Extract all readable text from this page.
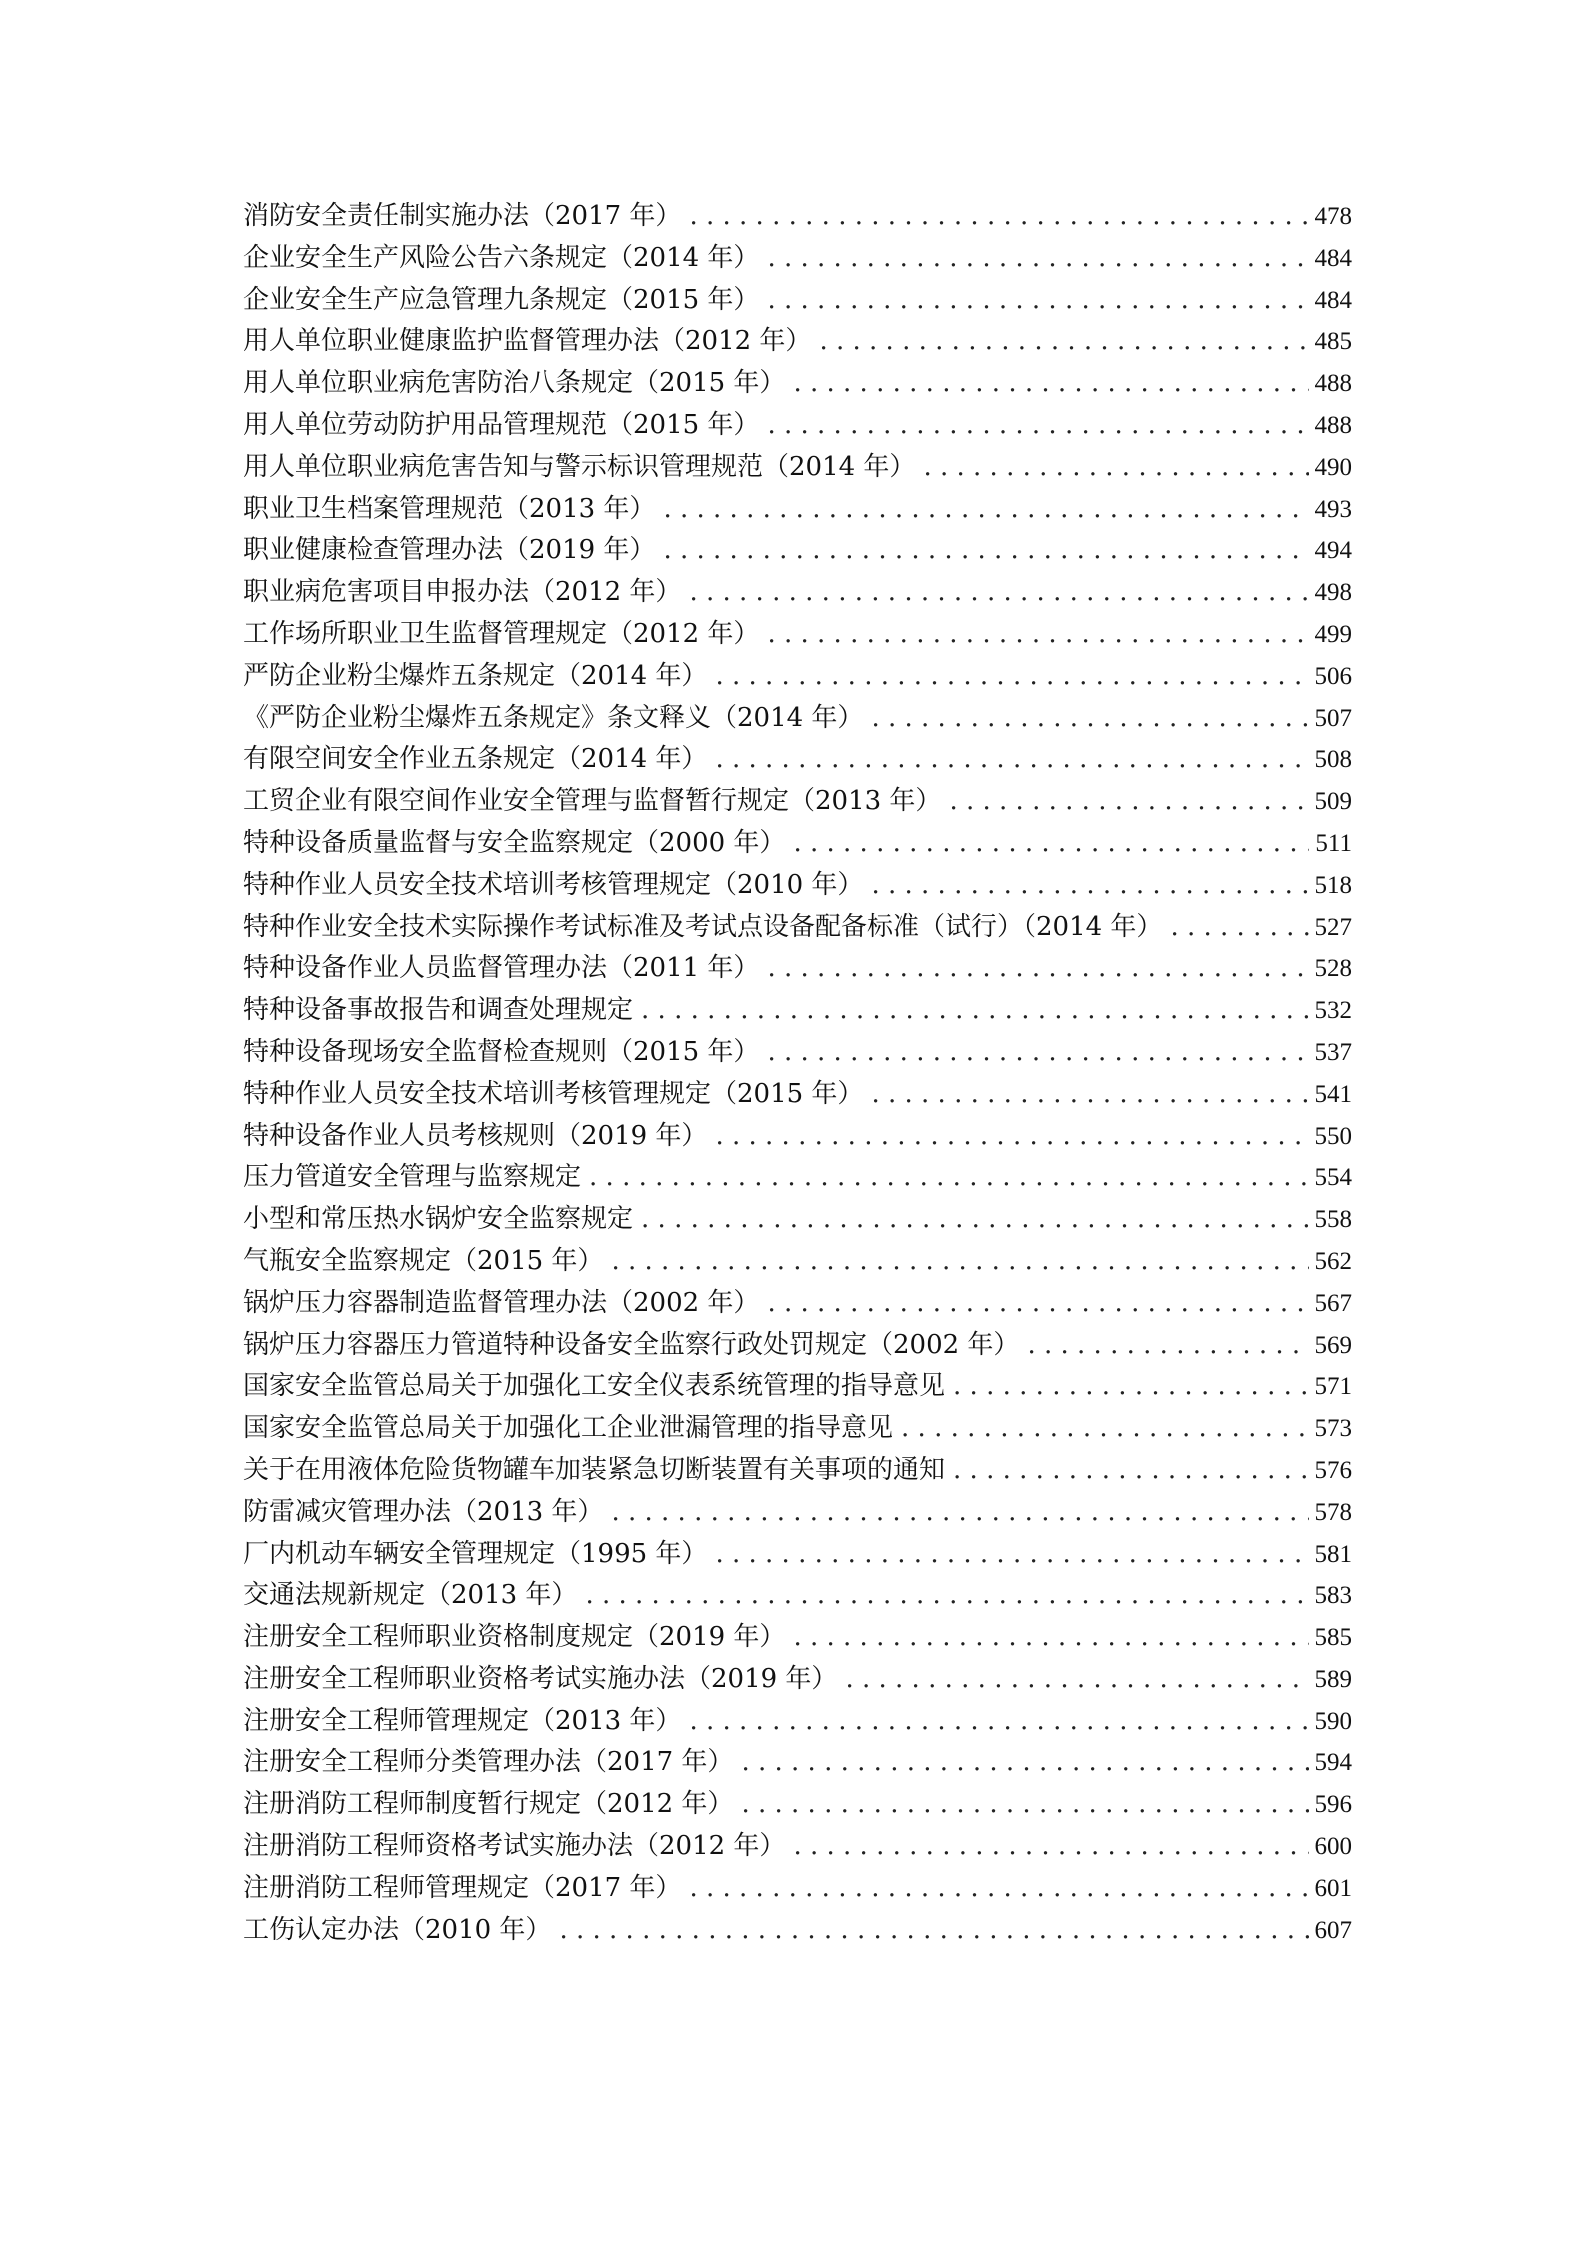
消防安全责任制实施办法（2017 年） . . .	478
企业安全生产风险公告六条规定（2014 年） . . .	484
企业安全生产应急管理九条规定（2015 年） . . .	484
用人单位职业健康监护监督管理办法（2012 年） . . .	485
用人单位职业病危害防治八条规定（2015 年） . . .	488
用人单位劳动防护用品管理规范（2015 年） . . .	488
用人单位职业病危害告知与警示标识管理规范（2014 年） . . .	490
职业卫生档案管理规范（2013 年） . . .	493
职业健康检查管理办法（2019 年） . . .	494
职业病危害项目申报办法（2012 年） . . .	498
工作场所职业卫生监督管理规定（2012 年） . . .	499
严防企业粉尘爆炸五条规定（2014 年） . . .	506
《严防企业粉尘爆炸五条规定》条文释义（2014 年） . . .	507
有限空间安全作业五条规定（2014 年） . . .	508
工贸企业有限空间作业安全管理与监督暂行规定（2013 年） . . .	509
特种设备质量监督与安全监察规定（2000 年） . . .	511
特种作业人员安全技术培训考核管理规定（2010 年） . . .	518
特种作业安全技术实际操作考试标准及考试点设备配备标准（试行）（2014 年） . . .	527
特种设备作业人员监督管理办法（2011 年） . . .	528
特种设备事故报告和调查处理规定 . . .	532
特种设备现场安全监督检查规则（2015 年） . . .	537
特种作业人员安全技术培训考核管理规定（2015 年） . . .	541
特种设备作业人员考核规则（2019 年） . . .	550
压力管道安全管理与监察规定 . . .	554
小型和常压热水锅炉安全监察规定 . . .	558
气瓶安全监察规定（2015 年） . . .	562
锅炉压力容器制造监督管理办法（2002 年） . . .	567
锅炉压力容器压力管道特种设备安全监察行政处罚规定（2002 年） . . .	569
国家安全监管总局关于加强化工安全仪表系统管理的指导意见 . . .	571
国家安全监管总局关于加强化工企业泄漏管理的指导意见 . . .	573
关于在用液体危险货物罐车加装紧急切断装置有关事项的通知 . . .	576
防雷减灾管理办法（2013 年） . . .	578
厂内机动车辆安全管理规定（1995 年） . . .	581
交通法规新规定（2013 年） . . .	583
注册安全工程师职业资格制度规定（2019 年） . . .	585
注册安全工程师职业资格考试实施办法（2019 年） . . .	589
注册安全工程师管理规定（2013 年） . . .	590
注册安全工程师分类管理办法（2017 年） . . .	594
注册消防工程师制度暂行规定（2012 年） . . .	596
注册消防工程师资格考试实施办法（2012 年） . . .	600
注册消防工程师管理规定（2017 年） . . .	601
工伤认定办法（2010 年） . . .	607
